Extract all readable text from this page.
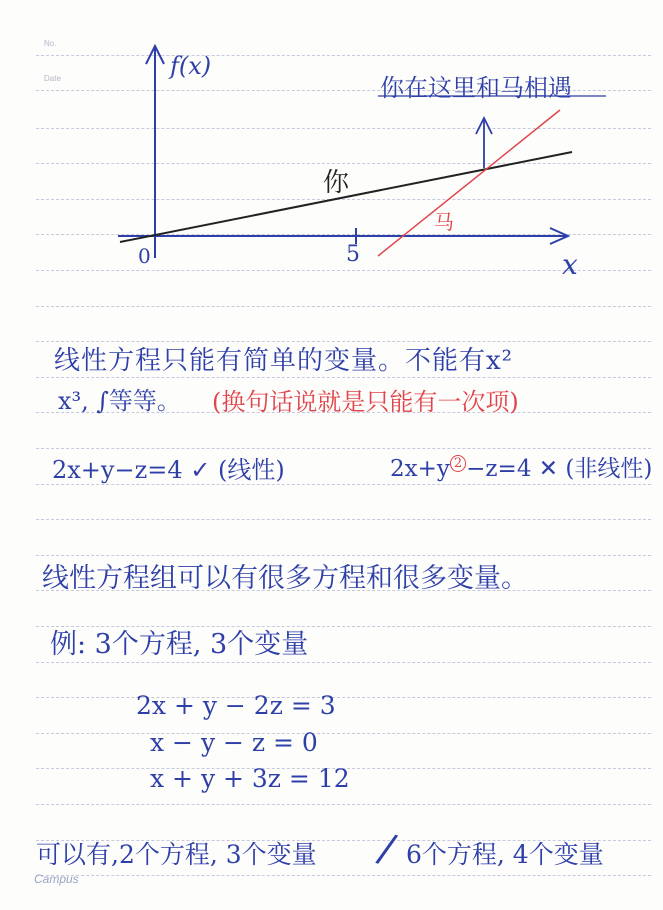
No.
Date	f(x)
x
0	5
你
马
你在这里和马相遇
线性方程只能有简单的变量。不能有x²
x³, ∫等等。 (换句话说就是只能有一次项)
2x+y−z=4 ✓ (线性)	2x+y $^2$ −z=4 ✕ (非线性)
线性方程组可以有很多方程和很多变量。
例: 3个方程, 3个变量
2x + y − 2z = 3
x − y − z = 0
x + y + 3z = 12
可以有,2个方程, 3个变量 / 6个方程, 4个变量
Campus
